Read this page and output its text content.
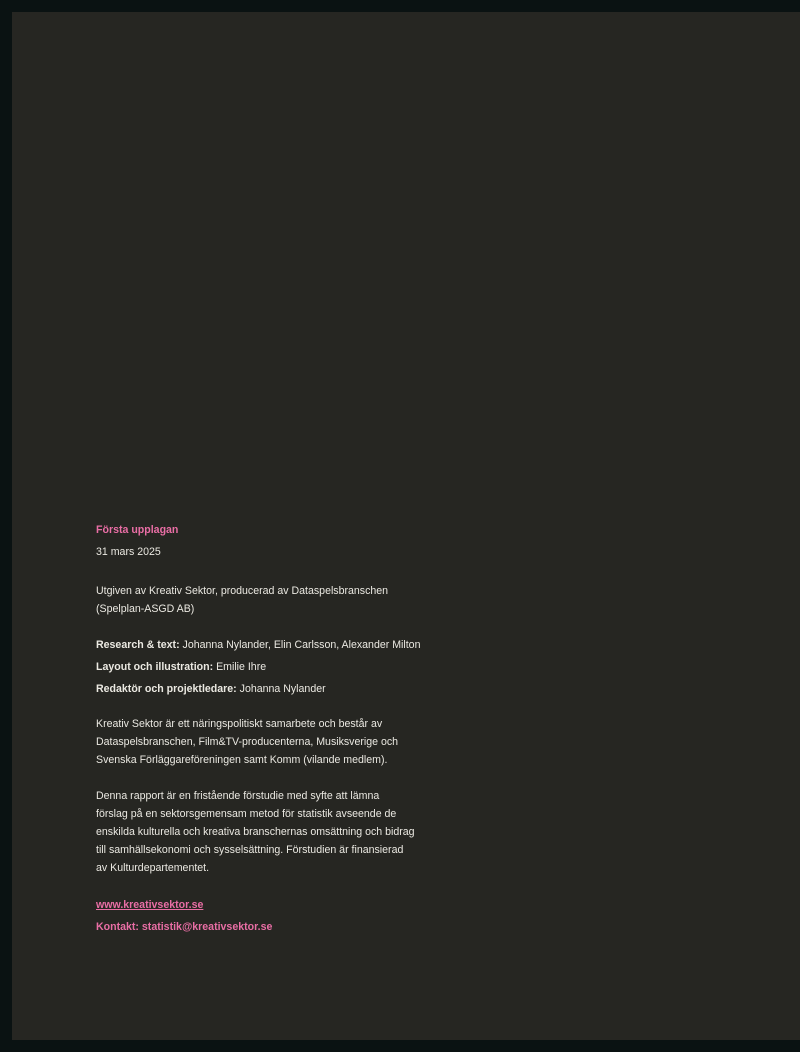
Första upplagan

31 mars 2025

Utgiven av Kreativ Sektor, producerad av Dataspelsbranschen
(Spelplan-ASGD AB)

Research & text: Johanna Nylander, Elin Carlsson, Alexander Milton

Layout och illustration: Emilie Ihre

Redaktör och projektledare: Johanna Nylander

Kreativ Sektor är ett näringspolitiskt samarbete och består av
Dataspelsbranschen, Film&TV-producenterna, Musiksverige och
Svenska Förläggareföreningen samt Komm (vilande medlem).

Denna rapport är en fristående förstudie med syfte att lämna
förslag på en sektorsgemensam metod för statistik avseende de
enskilda kulturella och kreativa branschernas omsättning och bidrag
till samhällsekonomi och sysselsättning. Förstudien är finansierad
av Kulturdepartementet.

www.kreativsektor.se
Kontakt: statistik@kreativsektor.se
